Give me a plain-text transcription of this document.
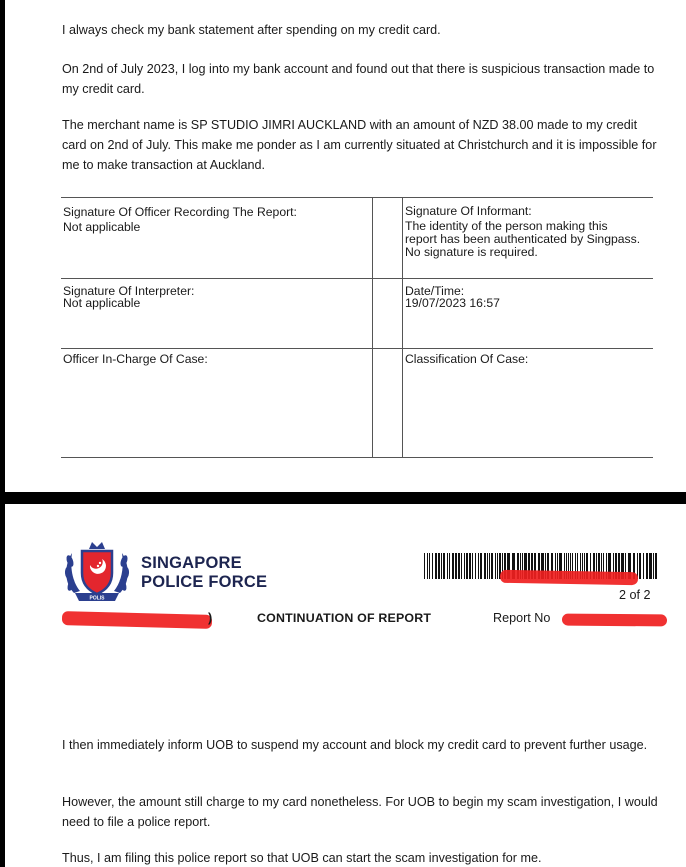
I always check my bank statement after spending on my credit card.

On 2nd of July 2023, I log into my bank account and found out that there is suspicious transaction made to my credit card.

The merchant name is SP STUDIO JIMRI AUCKLAND with an amount of NZD 38.00 made to my credit card on 2nd of July. This make me ponder as I am currently situated at Christchurch and it is impossible for me to make transaction at Auckland.

Signature Of Officer Recording The Report:

Not applicable

Signature Of Informant:

The identity of the person making this
report has been authenticated by Singpass.
No signature is required.

Signature Of Interpreter:

Not applicable

Date/Time:

19/07/2023 16:57

Officer In-Charge Of Case:	Classification Of Case:

POLIS
SINGAPORE
POLICE FORCE
2 of 2
)	CONTINUATION OF REPORT	Report No

I then immediately inform UOB to suspend my account and block my credit card to prevent further usage.

However, the amount still charge to my card nonetheless. For UOB to begin my scam investigation, I would need to file a police report.

Thus, I am filing this police report so that UOB can start the scam investigation for me.
